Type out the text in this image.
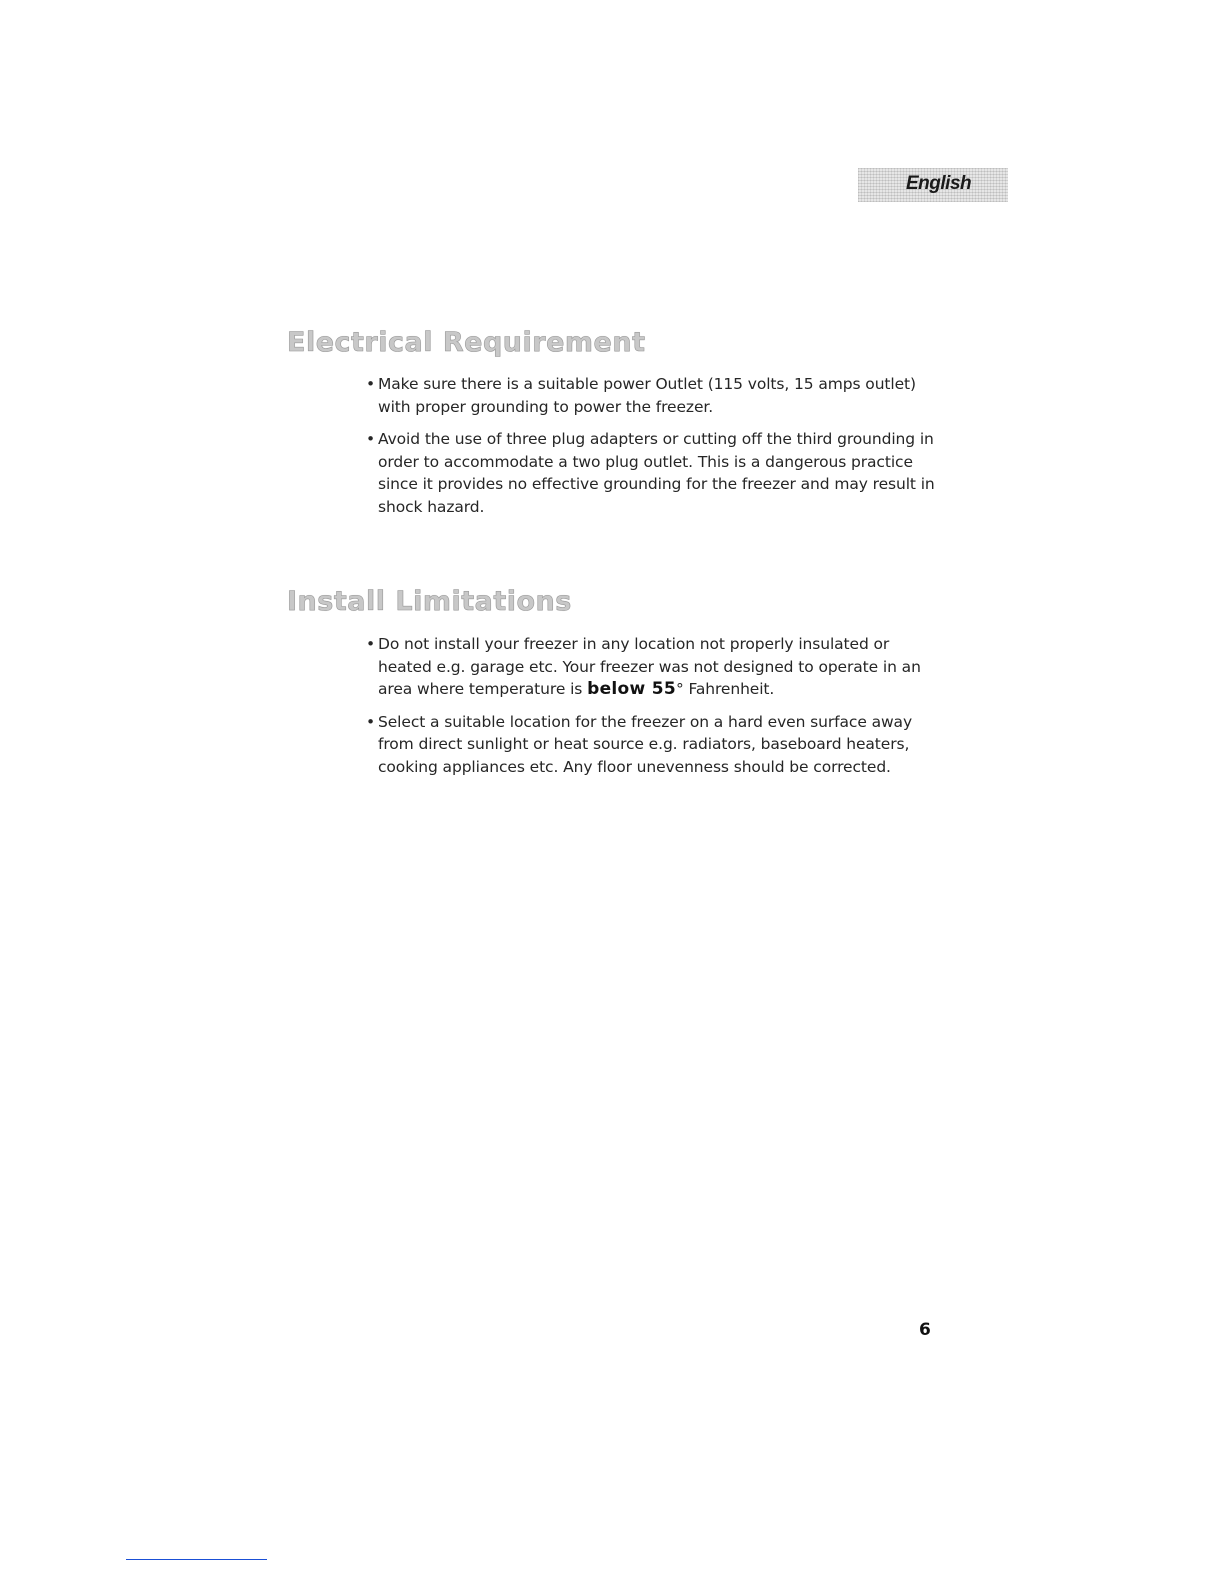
English
Electrical Requirement
• Make sure there is a suitable power Outlet (115 volts, 15 amps outlet) with proper grounding to power the freezer.
• Avoid the use of three plug adapters or cutting off the third grounding in order to accommodate a two plug outlet. This is a dangerous practice since it provides no effective grounding for the freezer and may result in shock hazard.
Install Limitations
• Do not install your freezer in any location not properly insulated or heated e.g. garage etc. Your freezer was not designed to operate in an area where temperature is below 55° Fahrenheit.
• Select a suitable location for the freezer on a hard even surface away from direct sunlight or heat source e.g. radiators, baseboard heaters, cooking appliances etc. Any floor unevenness should be corrected.
6
